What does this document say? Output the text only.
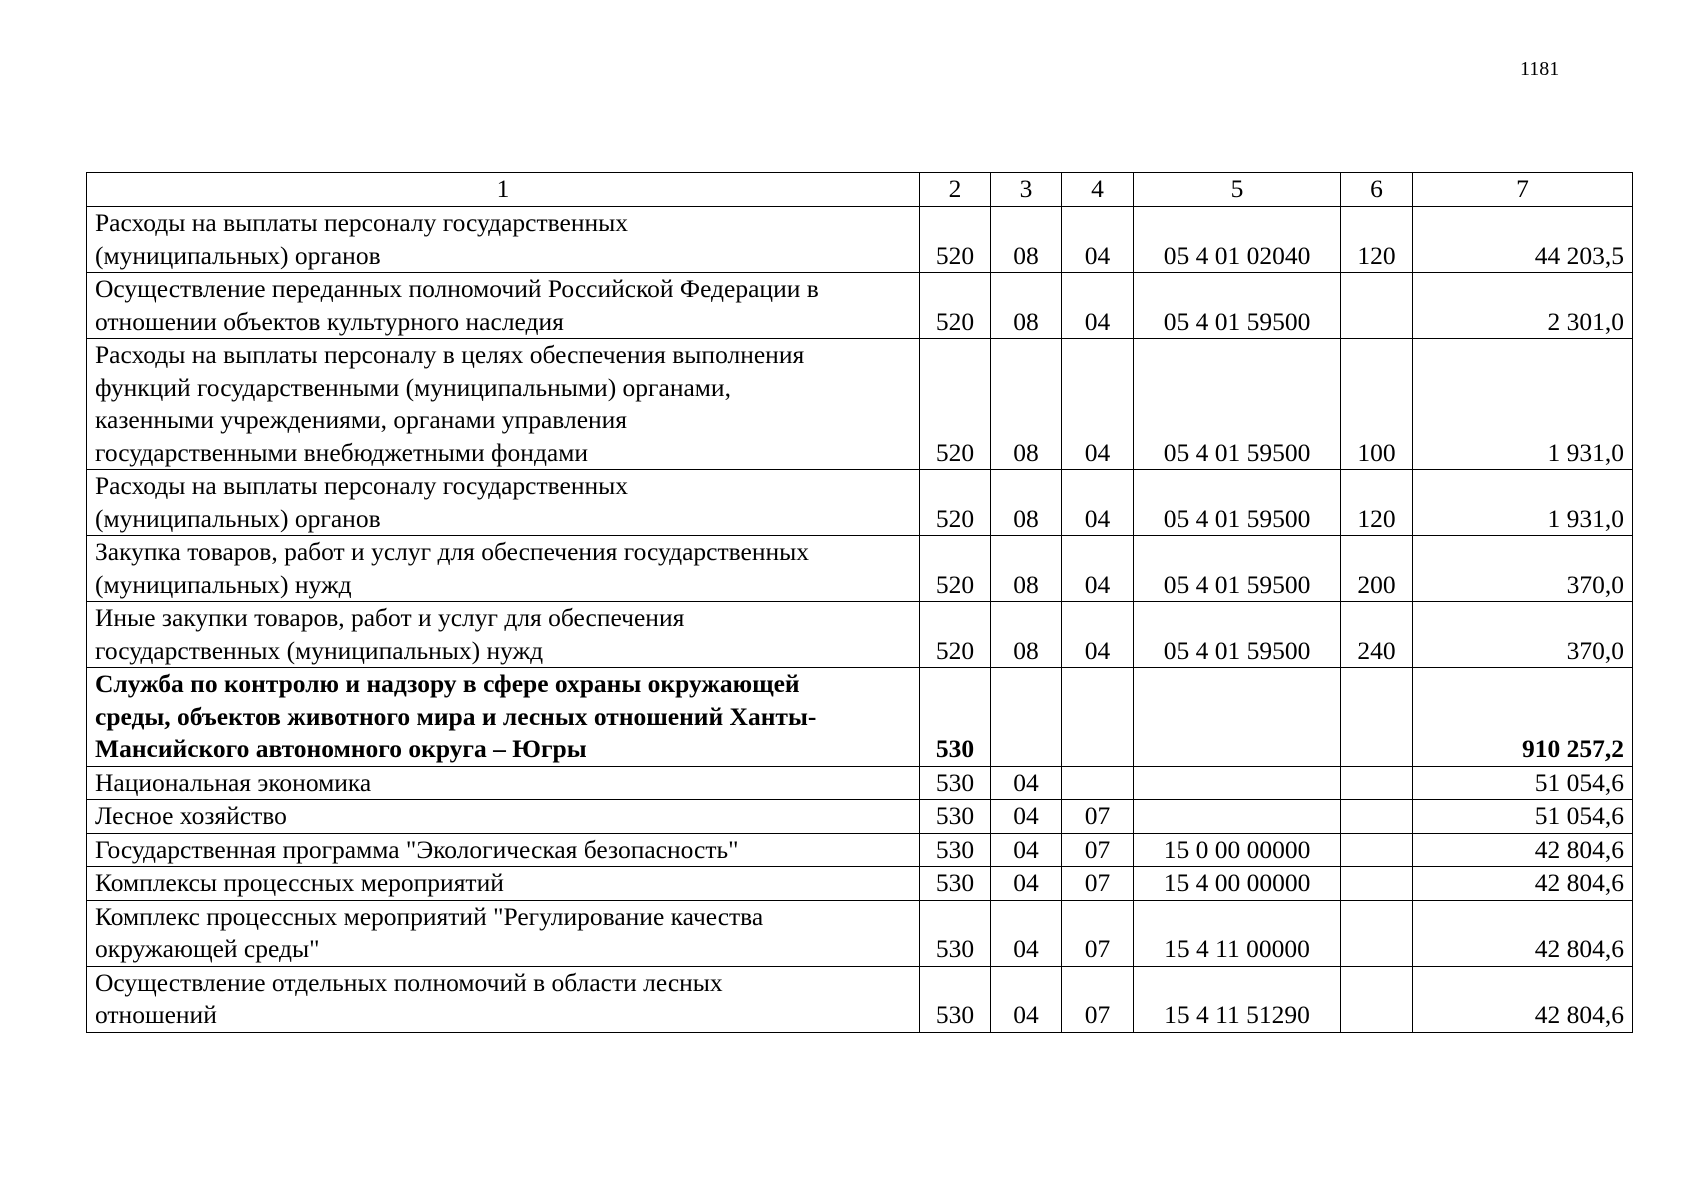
1181
1	2	3	4	5	6	7

Расходы на выплаты персоналу государственных
(муниципальных) органов	520	08	04	05 4 01 02040	120	44 203,5

Осуществление переданных полномочий Российской Федерации в
отношении объектов культурного наследия	520	08	04	05 4 01 59500		2 301,0

Расходы на выплаты персоналу в целях обеспечения выполнения
функций государственными (муниципальными) органами,
казенными учреждениями, органами управления
государственными внебюджетными фондами	520	08	04	05 4 01 59500	100	1 931,0

Расходы на выплаты персоналу государственных
(муниципальных) органов	520	08	04	05 4 01 59500	120	1 931,0

Закупка товаров, работ и услуг для обеспечения государственных
(муниципальных) нужд	520	08	04	05 4 01 59500	200	370,0

Иные закупки товаров, работ и услуг для обеспечения
государственных (муниципальных) нужд	520	08	04	05 4 01 59500	240	370,0

Служба по контролю и надзору в сфере охраны окружающей
среды, объектов животного мира и лесных отношений Ханты-
Мансийского автономного округа – Югры	530					910 257,2

Национальная экономика	530	04				51 054,6

Лесное хозяйство	530	04	07			51 054,6

Государственная программа "Экологическая безопасность"	530	04	07	15 0 00 00000		42 804,6

Комплексы процессных мероприятий	530	04	07	15 4 00 00000		42 804,6

Комплекс процессных мероприятий "Регулирование качества
окружающей среды"	530	04	07	15 4 11 00000		42 804,6

Осуществление отдельных полномочий в области лесных
отношений	530	04	07	15 4 11 51290		42 804,6
